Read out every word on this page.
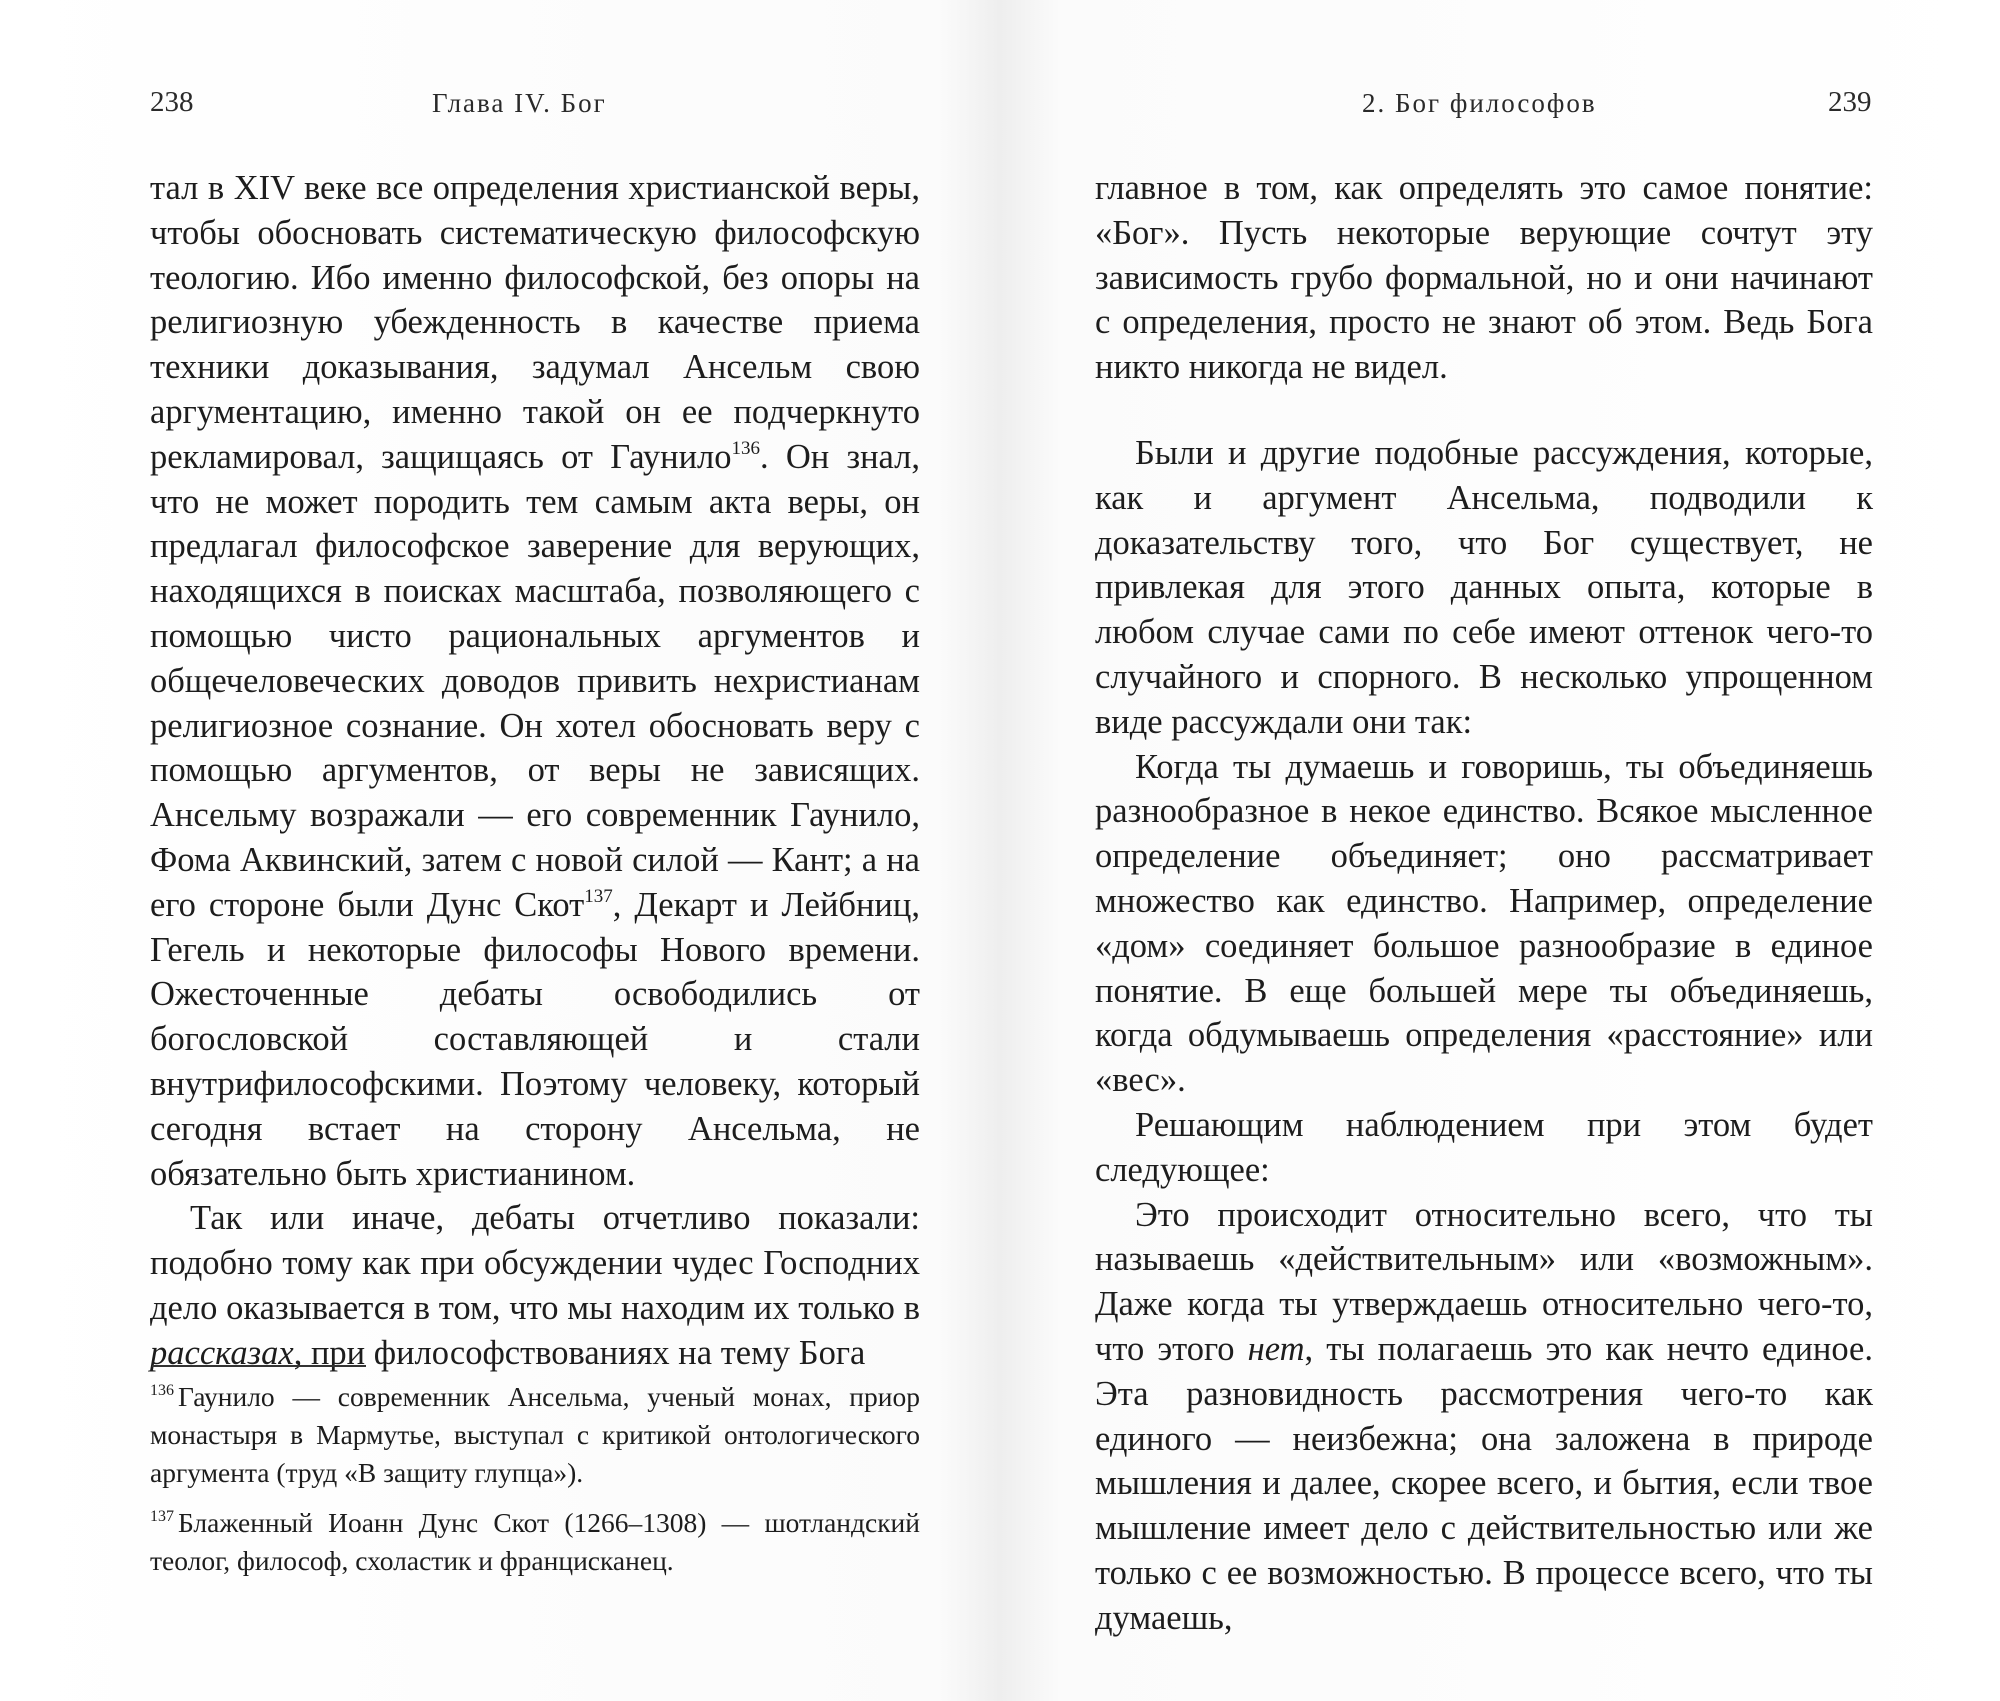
238	Глава IV. Бог

тал в XIV веке все определения христианской веры, чтобы обосновать систематическую философскую теологию. Ибо именно философской, без опоры на религиозную убежденность в качестве приема техники доказывания, задумал Ансельм свою аргументацию, именно такой он ее подчеркнуто рекламировал, защищаясь от Гаунило$^{136}$. Он знал, что не может породить тем самым акта веры, он предлагал философское заверение для верующих, находящихся в поисках масштаба, позволяющего с помощью чисто рациональных аргументов и общечеловеческих доводов привить нехристианам религиозное сознание. Он хотел обосновать веру с помощью аргументов, от веры не зависящих. Ансельму возражали — его современник Гаунило, Фома Аквинский, затем с новой силой — Кант; а на его стороне были Дунс Скот$^{137}$, Декарт и Лейбниц, Гегель и некоторые философы Нового времени. Ожесточенные дебаты освободились от богословской составляющей и стали внутрифилософскими. Поэтому человеку, который сегодня встает на сторону Ансельма, не обязательно быть христианином.

Так или иначе, дебаты отчетливо показали: подобно тому как при обсуждении чудес Господних дело оказывается в том, что мы находим их только в рассказах, при философствованиях на тему Бога

$^{136}$ Гаунило — современник Ансельма, ученый монах, приор монастыря в Мармутье, выступал с критикой онтологического аргумента (труд «В защиту глупца»).

$^{137}$ Блаженный Иоанн Дунс Скот (1266–1308) — шотландский теолог, философ, схоластик и францисканец.

2. Бог философов	239

главное в том, как определять это самое понятие: «Бог». Пусть некоторые верующие сочтут эту зависимость грубо формальной, но и они начинают с определения, просто не знают об этом. Ведь Бога никто никогда не видел.

Были и другие подобные рассуждения, которые, как и аргумент Ансельма, подводили к доказательству того, что Бог существует, не привлекая для этого данных опыта, которые в любом случае сами по себе имеют оттенок чего-то случайного и спорного. В несколько упрощенном виде рассуждали они так:

Когда ты думаешь и говоришь, ты объединяешь разнообразное в некое единство. Всякое мысленное определение объединяет; оно рассматривает множество как единство. Например, определение «дом» соединяет большое разнообразие в единое понятие. В еще большей мере ты объединяешь, когда обдумываешь определения «расстояние» или «вес».

Решающим наблюдением при этом будет следующее:

Это происходит относительно всего, что ты называешь «действительным» или «возможным». Даже когда ты утверждаешь относительно чего-то, что этого нет, ты полагаешь это как нечто единое. Эта разновидность рассмотрения чего-то как единого — неизбежна; она заложена в природе мышления и далее, скорее всего, и бытия, если твое мышление имеет дело с действительностью или же только с ее возможностью. В процессе всего, что ты думаешь,
